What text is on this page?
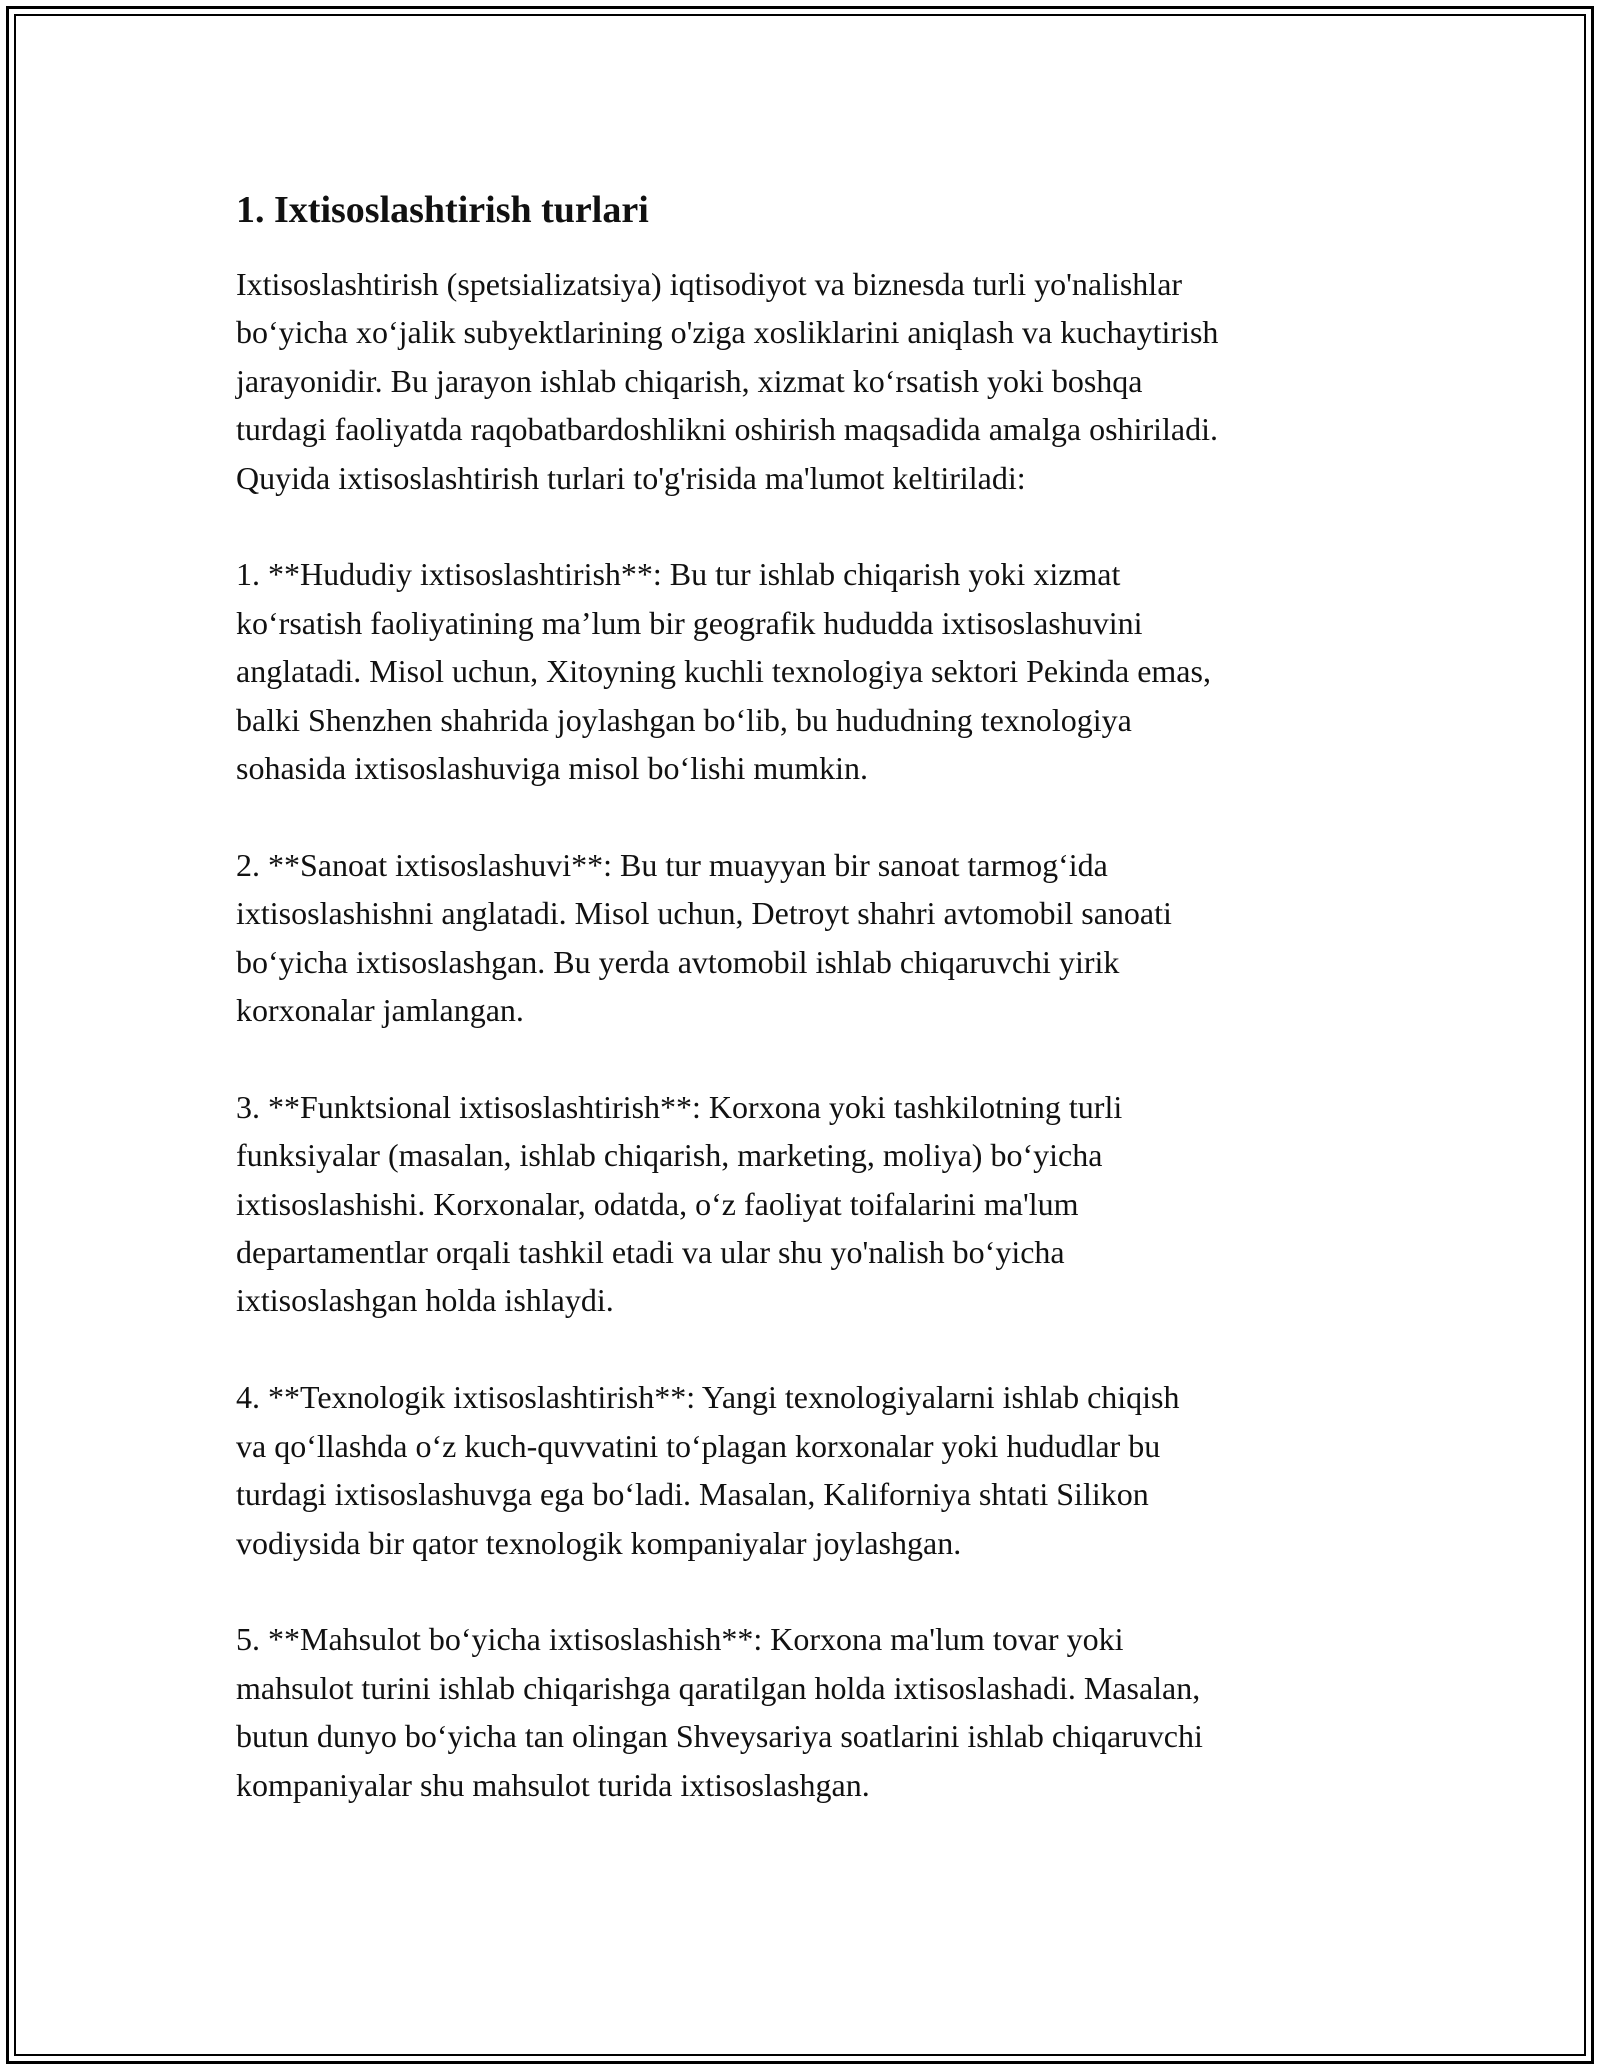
1. Ixtisoslashtirish turlari

Ixtisoslashtirish (spetsializatsiya) iqtisodiyot va biznesda turli yo'nalishlar
bo‘yicha xo‘jalik subyektlarining o'ziga xosliklarini aniqlash va kuchaytirish
jarayonidir. Bu jarayon ishlab chiqarish, xizmat ko‘rsatish yoki boshqa
turdagi faoliyatda raqobatbardoshlikni oshirish maqsadida amalga oshiriladi.
Quyida ixtisoslashtirish turlari to'g'risida ma'lumot keltiriladi:

1. **Hududiy ixtisoslashtirish**: Bu tur ishlab chiqarish yoki xizmat
ko‘rsatish faoliyatining ma’lum bir geografik hududda ixtisoslashuvini
anglatadi. Misol uchun, Xitoyning kuchli texnologiya sektori Pekinda emas,
balki Shenzhen shahrida joylashgan bo‘lib, bu hududning texnologiya
sohasida ixtisoslashuviga misol bo‘lishi mumkin.

2. **Sanoat ixtisoslashuvi**: Bu tur muayyan bir sanoat tarmog‘ida
ixtisoslashishni anglatadi. Misol uchun, Detroyt shahri avtomobil sanoati
bo‘yicha ixtisoslashgan. Bu yerda avtomobil ishlab chiqaruvchi yirik
korxonalar jamlangan.

3. **Funktsional ixtisoslashtirish**: Korxona yoki tashkilotning turli
funksiyalar (masalan, ishlab chiqarish, marketing, moliya) bo‘yicha
ixtisoslashishi. Korxonalar, odatda, o‘z faoliyat toifalarini ma'lum
departamentlar orqali tashkil etadi va ular shu yo'nalish bo‘yicha
ixtisoslashgan holda ishlaydi.

4. **Texnologik ixtisoslashtirish**: Yangi texnologiyalarni ishlab chiqish
va qo‘llashda o‘z kuch-quvvatini to‘plagan korxonalar yoki hududlar bu
turdagi ixtisoslashuvga ega bo‘ladi. Masalan, Kaliforniya shtati Silikon
vodiysida bir qator texnologik kompaniyalar joylashgan.

5. **Mahsulot bo‘yicha ixtisoslashish**: Korxona ma'lum tovar yoki
mahsulot turini ishlab chiqarishga qaratilgan holda ixtisoslashadi. Masalan,
butun dunyo bo‘yicha tan olingan Shveysariya soatlarini ishlab chiqaruvchi
kompaniyalar shu mahsulot turida ixtisoslashgan.
